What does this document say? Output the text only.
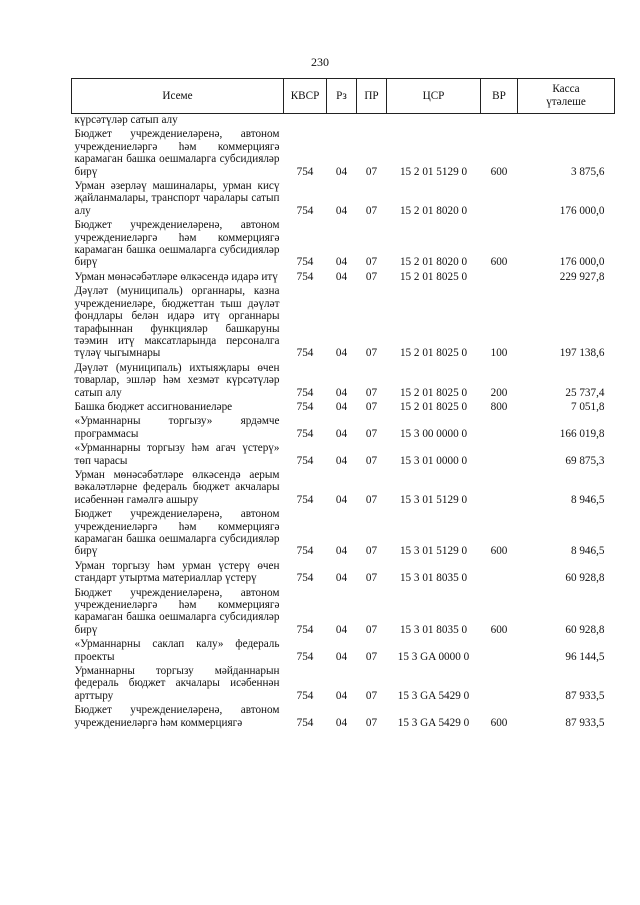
230
Исеме	КВСР	Рз	ПР	ЦСР	ВР	Касса
үтәлеше
күрсәтүләр сатып алу						
Бюджет учреждениеләренә, автоном учреждениеләргә һәм коммерциягә карамаган башка оешмаларга субсидияләр бирү	754	04	07	15 2 01 5129 0	600	3 875,6
Урман әзерләү машиналары, урман кисү җайланмалары, транспорт чаралары сатып алу	754	04	07	15 2 01 8020 0		176 000,0
Бюджет учреждениеләренә, автоном учреждениеләргә һәм коммерциягә карамаган башка оешмаларга субсидияләр бирү	754	04	07	15 2 01 8020 0	600	176 000,0
Урман мөнәсәбәтләре өлкәсендә идарә итү	754	04	07	15 2 01 8025 0		229 927,8
Дәүләт (муниципаль) органнары, казна учреждениеләре, бюджеттан тыш дәүләт фондлары белән идарә итү органнары тарафыннан функцияләр башкаруны тәэмин итү максатларында персоналга түләү чыгымнары	754	04	07	15 2 01 8025 0	100	197 138,6
Дәүләт (муниципаль) ихтыяҗлары өчен товарлар, эшләр һәм хезмәт күрсәтүләр сатып алу	754	04	07	15 2 01 8025 0	200	25 737,4
Башка бюджет ассигнованиеләре	754	04	07	15 2 01 8025 0	800	7 051,8
«Урманнарны торгызу» ярдәмче программасы	754	04	07	15 3 00 0000 0		166 019,8
«Урманнарны торгызу һәм агач үстерү» төп чарасы	754	04	07	15 3 01 0000 0		69 875,3
Урман мөнәсәбәтләре өлкәсендә аерым вәкаләтләрне федераль бюджет акчалары исәбеннән гамәлгә ашыру	754	04	07	15 3 01 5129 0		8 946,5
Бюджет учреждениеләренә, автоном учреждениеләргә һәм коммерциягә карамаган башка оешмаларга субсидияләр бирү	754	04	07	15 3 01 5129 0	600	8 946,5
Урман торгызу һәм урман үстерү өчен стандарт утыртма материаллар үстерү	754	04	07	15 3 01 8035 0		60 928,8
Бюджет учреждениеләренә, автоном учреждениеләргә һәм коммерциягә карамаган башка оешмаларга субсидияләр бирү	754	04	07	15 3 01 8035 0	600	60 928,8
«Урманнарны саклап калу» федераль проекты	754	04	07	15 3 GA 0000 0		96 144,5
Урманнарны торгызу мәйданнарын федераль бюджет акчалары исәбеннән арттыру	754	04	07	15 3 GA 5429 0		87 933,5
Бюджет учреждениеләренә, автоном учреждениеләргә һәм коммерциягә	754	04	07	15 3 GA 5429 0	600	87 933,5
